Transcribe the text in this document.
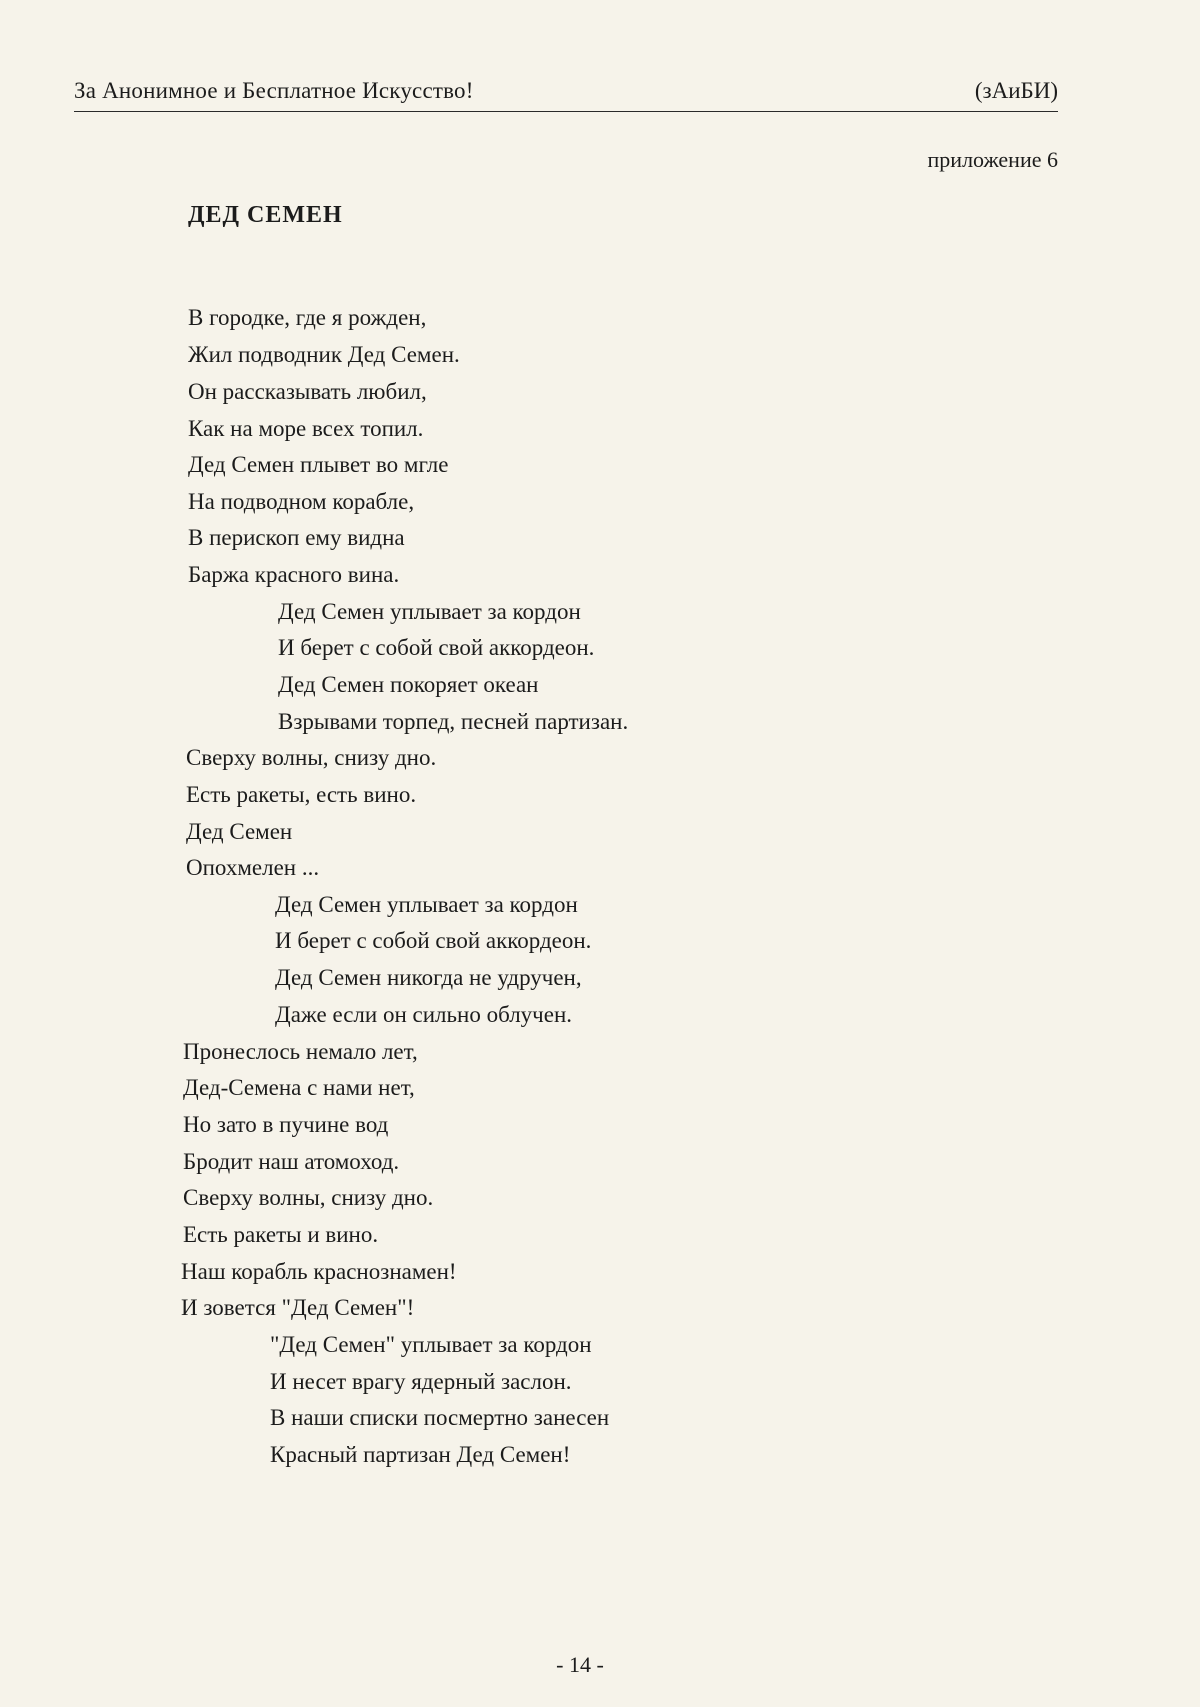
За Анонимное и Бесплатное Искусство!	(зАиБИ)
приложение 6
ДЕД СЕМЕН
В городке, где я рожден,
Жил подводник Дед Семен.
Он рассказывать любил,
Как на море всех топил.
Дед Семен плывет во мгле
На подводном корабле,
В перископ ему видна
Баржа красного вина.
Дед Семен уплывает за кордон
И берет с собой свой аккордеон.
Дед Семен покоряет океан
Взрывами торпед, песней партизан.
Сверху волны, снизу дно.
Есть ракеты, есть вино.
Дед Семен
Опохмелен ...
Дед Семен уплывает за кордон
И берет с собой свой аккордеон.
Дед Семен никогда не удручен,
Даже если он сильно облучен.
Пронеслось немало лет,
Дед-Семена с нами нет,
Но зато в пучине вод
Бродит наш атомоход.
Сверху волны, снизу дно.
Есть ракеты и вино.
Наш корабль краснознамен!
И зовется "Дед Семен"!
"Дед Семен" уплывает за кордон
И несет врагу ядерный заслон.
В наши списки посмертно занесен
Красный партизан Дед Семен!
- 14 -
